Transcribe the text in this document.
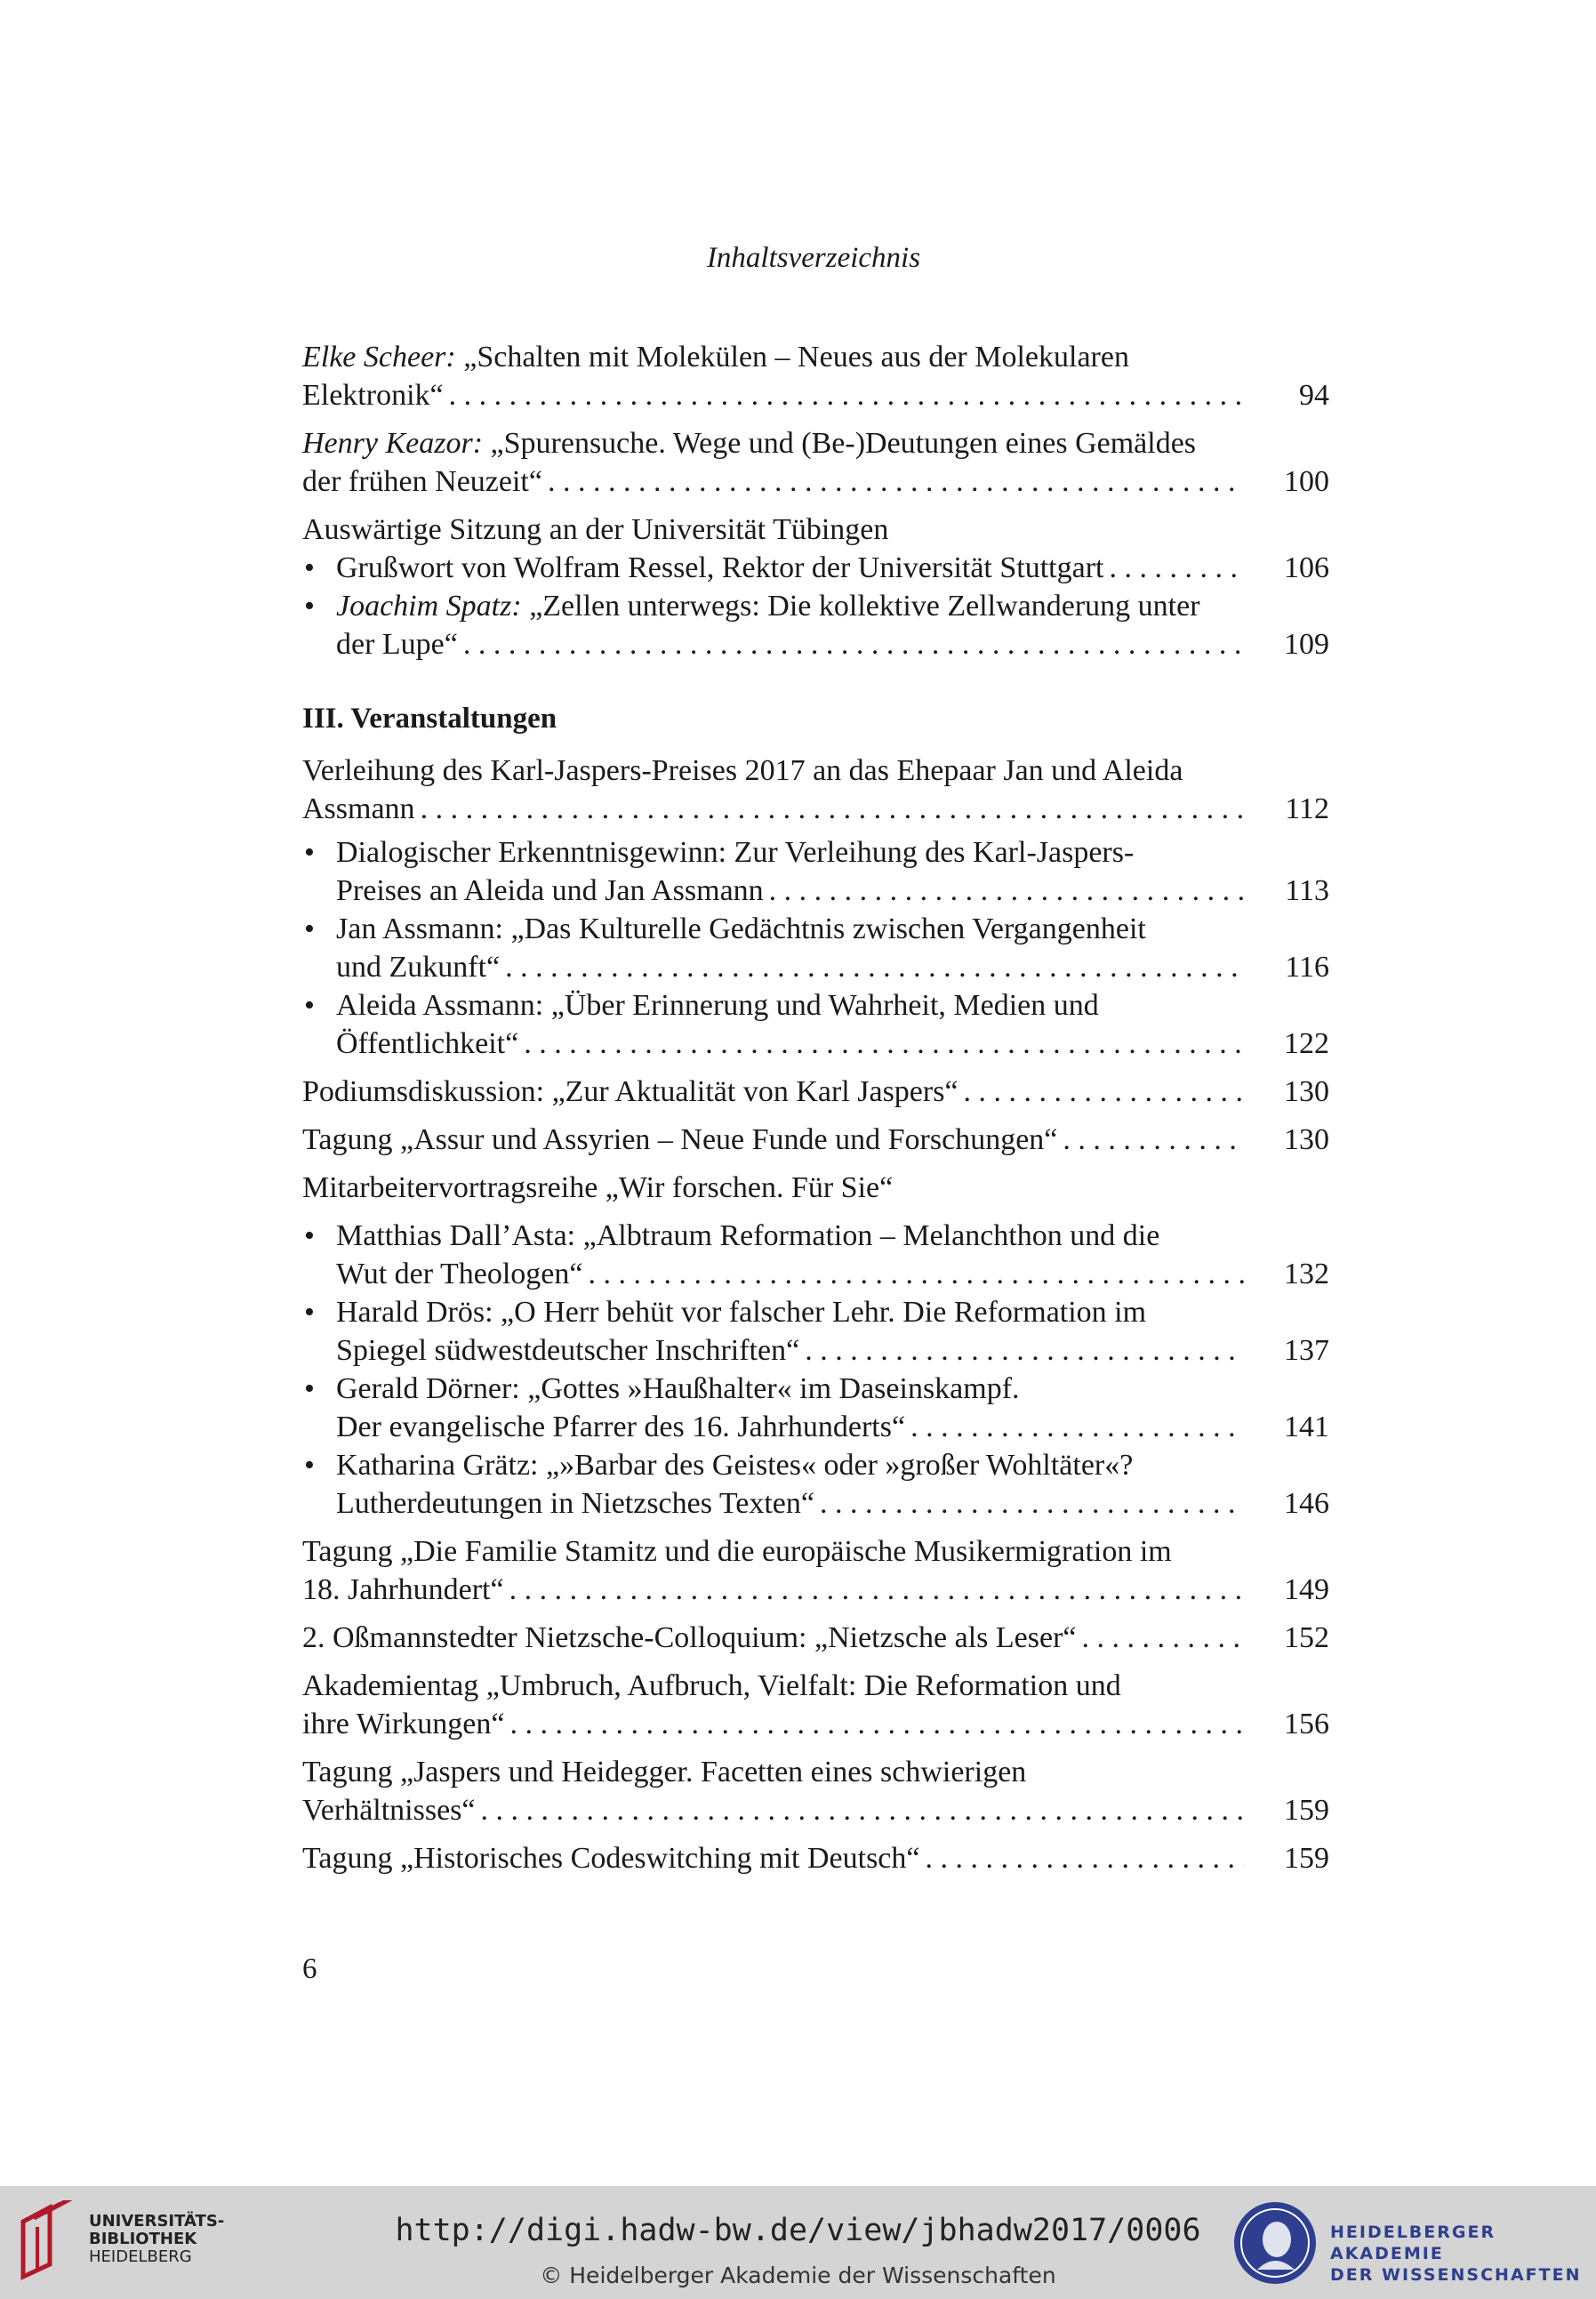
Inhaltsverzeichnis
Elke Scheer: „Schalten mit Molekülen – Neues aus der Molekularen
Elektronik“ . . .	94
Henry Keazor: „Spurensuche. Wege und (Be-)Deutungen eines Gemäldes
der frühen Neuzeit“ . . .	100
Auswärtige Sitzung an der Universität Tübingen
• Grußwort von Wolfram Ressel, Rektor der Universität Stuttgart . . .	106
• Joachim Spatz: „Zellen unterwegs: Die kollektive Zellwanderung unter
der Lupe“ . . .	109
III. Veranstaltungen
Verleihung des Karl-Jaspers-Preises 2017 an das Ehepaar Jan und Aleida
Assmann . . .	112
• Dialogischer Erkenntnisgewinn: Zur Verleihung des Karl-Jaspers-
Preises an Aleida und Jan Assmann . . .	113
• Jan Assmann: „Das Kulturelle Gedächtnis zwischen Vergangenheit
und Zukunft“ . . .	116
• Aleida Assmann: „Über Erinnerung und Wahrheit, Medien und
Öffentlichkeit“ . . .	122
Podiumsdiskussion: „Zur Aktualität von Karl Jaspers“ . . .	130
Tagung „Assur und Assyrien – Neue Funde und Forschungen“ . . .	130
Mitarbeitervortragsreihe „Wir forschen. Für Sie“
• Matthias Dall’Asta: „Albtraum Reformation – Melanchthon und die
Wut der Theologen“ . . .	132
• Harald Drös: „O Herr behüt vor falscher Lehr. Die Reformation im
Spiegel südwestdeutscher Inschriften“ . . .	137
• Gerald Dörner: „Gottes »Haußhalter« im Daseinskampf.
Der evangelische Pfarrer des 16. Jahrhunderts“ . . .	141
• Katharina Grätz: „»Barbar des Geistes« oder »großer Wohltäter«?
Lutherdeutungen in Nietzsches Texten“ . . .	146
Tagung „Die Familie Stamitz und die europäische Musikermigration im
18. Jahrhundert“ . . .	149
2. Oßmannstedter Nietzsche-Colloquium: „Nietzsche als Leser“ . . .	152
Akademientag „Umbruch, Aufbruch, Vielfalt: Die Reformation und
ihre Wirkungen“ . . .	156
Tagung „Jaspers und Heidegger. Facetten eines schwierigen
Verhältnisses“ . . .	159
Tagung „Historisches Codeswitching mit Deutsch“ . . .	159
6
UNIVERSITÄTS-
BIBLIOTHEK
HEIDELBERG
http://digi.hadw-bw.de/view/jbhadw2017/0006
© Heidelberger Akademie der Wissenschaften
HEIDELBERGER AKADEMIE
DER WISSENSCHAFTEN
